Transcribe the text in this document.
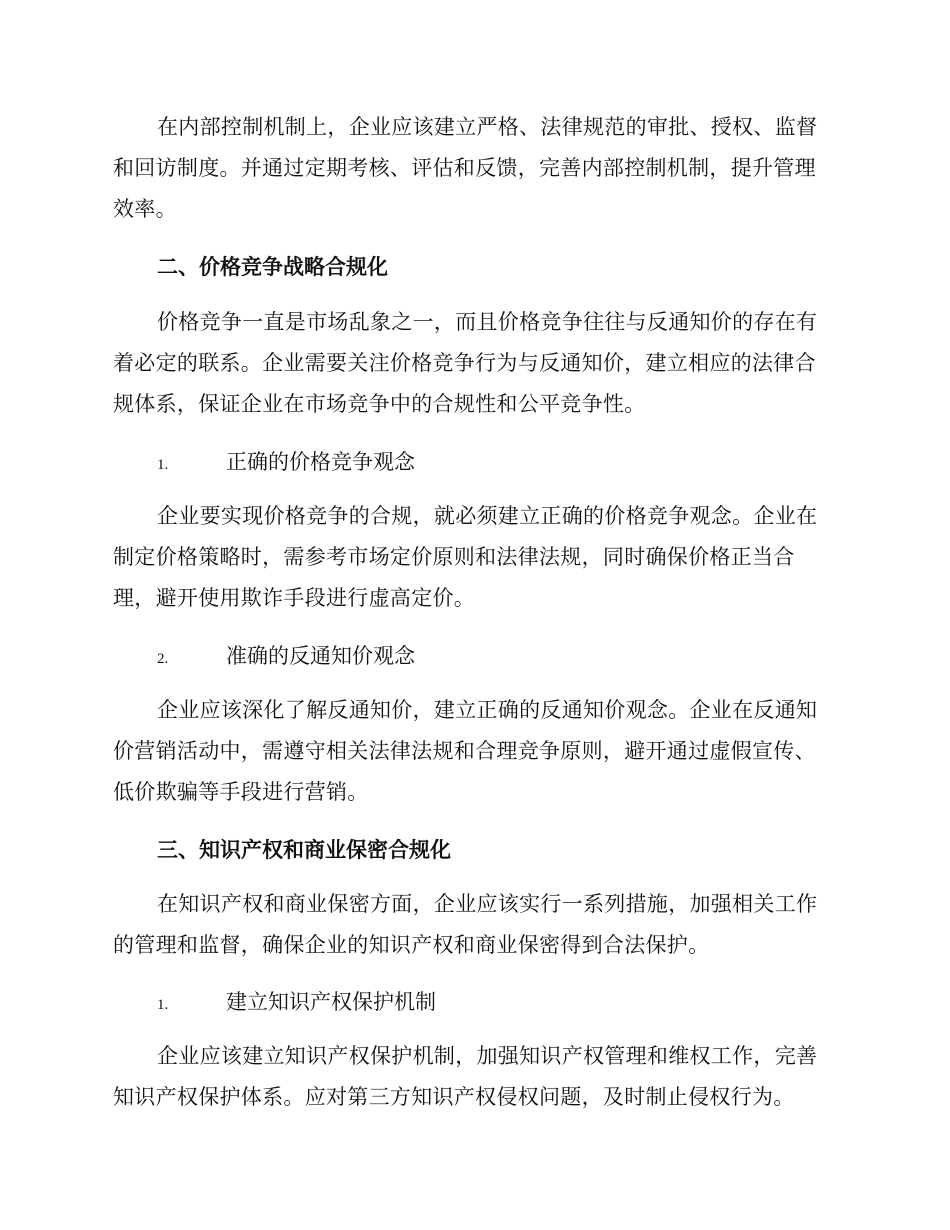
在内部控制机制上，企业应该建立严格、法律规范的审批、授权、监督和回访制度。并通过定期考核、评估和反馈，完善内部控制机制，提升管理效率。

二、价格竞争战略合规化

价格竞争一直是市场乱象之一，而且价格竞争往往与反通知价的存在有着必定的联系。企业需要关注价格竞争行为与反通知价，建立相应的法律合规体系，保证企业在市场竞争中的合规性和公平竞争性。

1.	正确的价格竞争观念

企业要实现价格竞争的合规，就必须建立正确的价格竞争观念。企业在制定价格策略时，需参考市场定价原则和法律法规，同时确保价格正当合理，避开使用欺诈手段进行虚高定价。

2.	准确的反通知价观念

企业应该深化了解反通知价，建立正确的反通知价观念。企业在反通知价营销活动中，需遵守相关法律法规和合理竞争原则，避开通过虚假宣传、低价欺骗等手段进行营销。

三、知识产权和商业保密合规化

在知识产权和商业保密方面，企业应该实行一系列措施，加强相关工作的管理和监督，确保企业的知识产权和商业保密得到合法保护。

1.	建立知识产权保护机制

企业应该建立知识产权保护机制，加强知识产权管理和维权工作，完善知识产权保护体系。应对第三方知识产权侵权问题，及时制止侵权行为。
